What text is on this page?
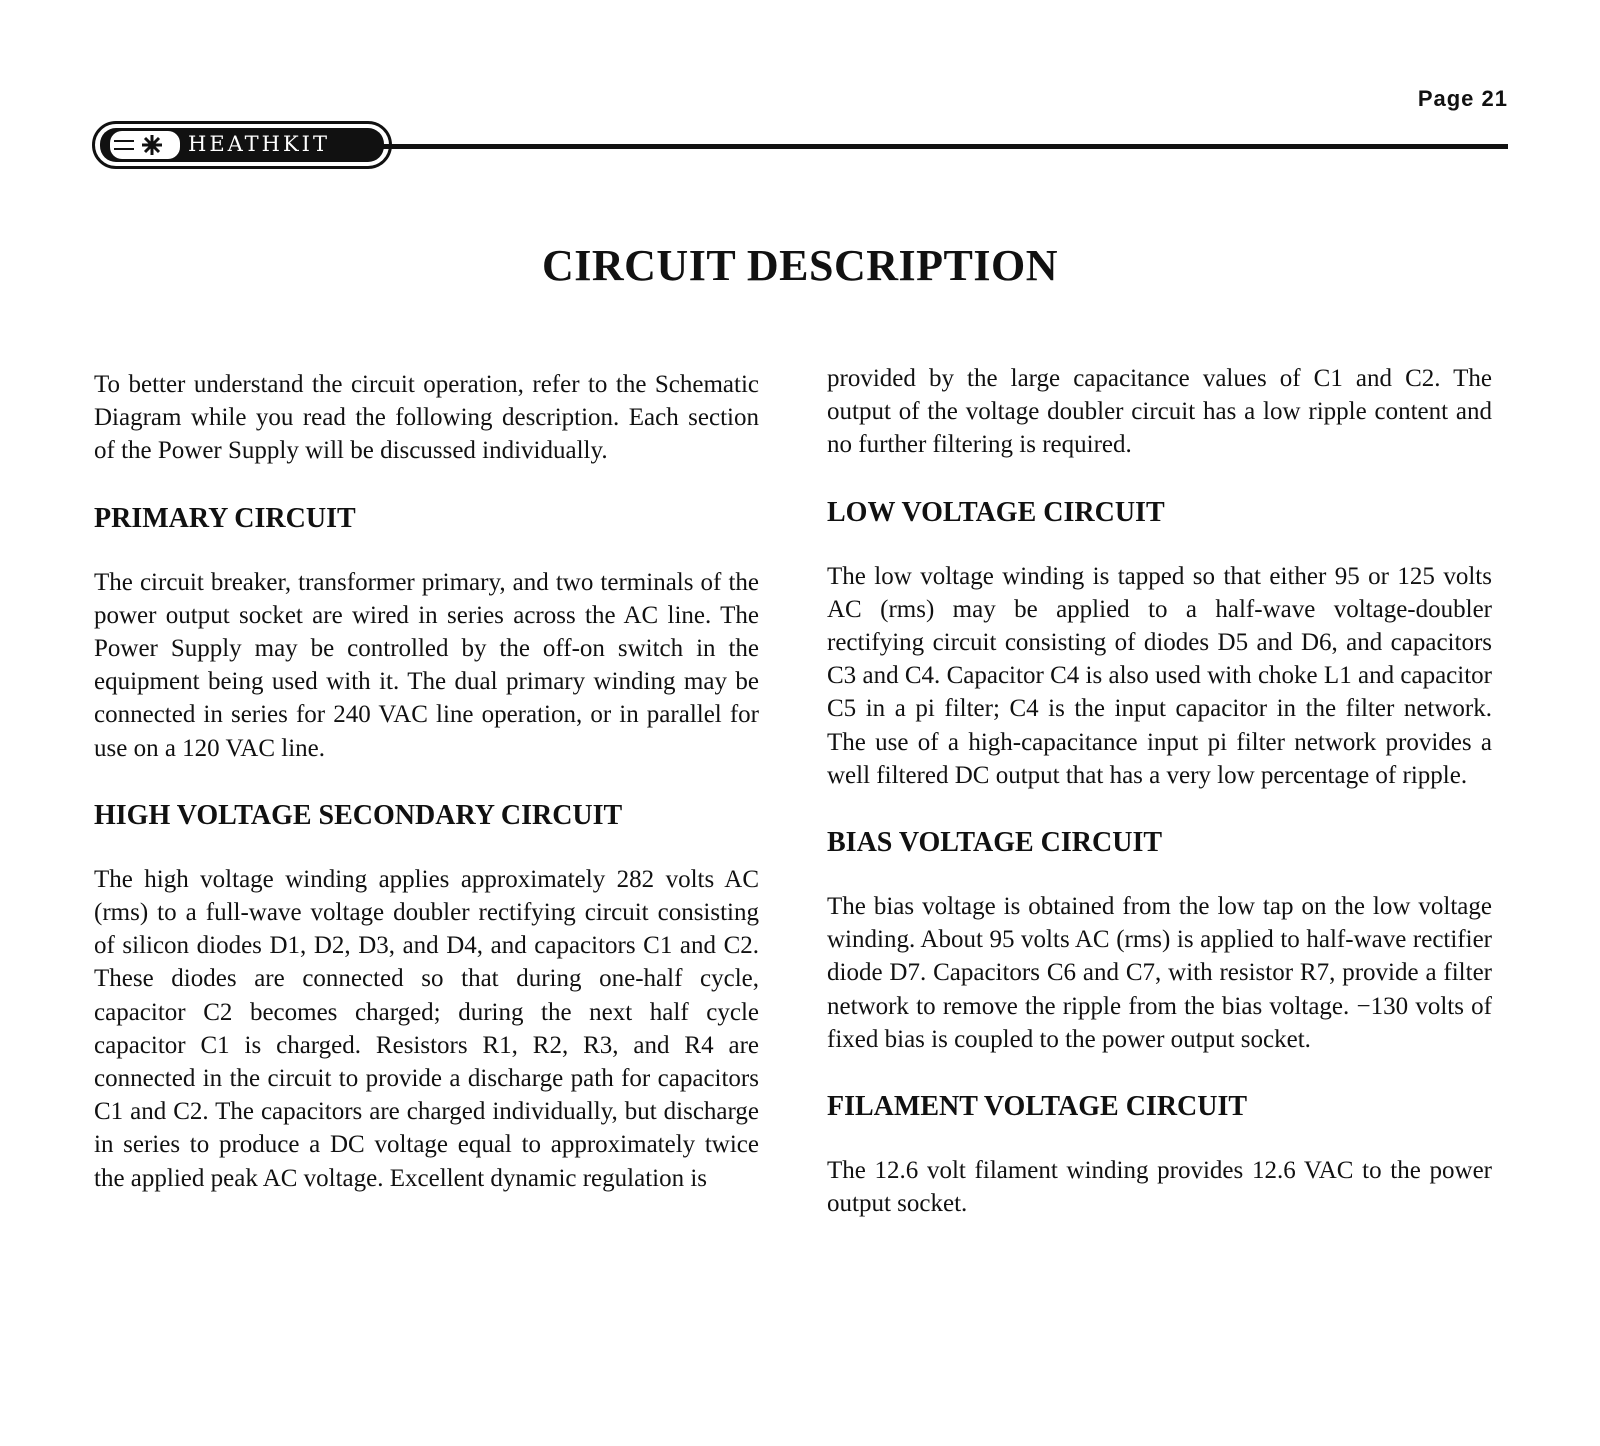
Page 21
HEATHKIT
CIRCUIT DESCRIPTION

To better understand the circuit operation, refer to the Schematic Diagram while you read the following description. Each section of the Power Supply will be discussed individually.

PRIMARY CIRCUIT

The circuit breaker, transformer primary, and two terminals of the power output socket are wired in series across the AC line. The Power Supply may be controlled by the off-on switch in the equipment being used with it. The dual primary winding may be connected in series for 240 VAC line operation, or in parallel for use on a 120 VAC line.

HIGH VOLTAGE SECONDARY CIRCUIT

The high voltage winding applies approximately 282 volts AC (rms) to a full-wave voltage doubler rectifying circuit consisting of silicon diodes D1, D2, D3, and D4, and capacitors C1 and C2. These diodes are connected so that during one-half cycle, capacitor C2 becomes charged; during the next half cycle capacitor C1 is charged. Resistors R1, R2, R3, and R4 are connected in the circuit to provide a discharge path for capacitors C1 and C2. The capacitors are charged individually, but discharge in series to produce a DC voltage equal to approximately twice the applied peak AC voltage. Excellent dynamic regulation is

provided by the large capacitance values of C1 and C2. The output of the voltage doubler circuit has a low ripple content and no further filtering is required.

LOW VOLTAGE CIRCUIT

The low voltage winding is tapped so that either 95 or 125 volts AC (rms) may be applied to a half-wave voltage-doubler rectifying circuit consisting of diodes D5 and D6, and capacitors C3 and C4. Capacitor C4 is also used with choke L1 and capacitor C5 in a pi filter; C4 is the input capacitor in the filter network. The use of a high-capacitance input pi filter network provides a well filtered DC output that has a very low percentage of ripple.

BIAS VOLTAGE CIRCUIT

The bias voltage is obtained from the low tap on the low voltage winding. About 95 volts AC (rms) is applied to half-wave rectifier diode D7. Capacitors C6 and C7, with resistor R7, provide a filter network to remove the ripple from the bias voltage. −130 volts of fixed bias is coupled to the power output socket.

FILAMENT VOLTAGE CIRCUIT

The 12.6 volt filament winding provides 12.6 VAC to the power output socket.
